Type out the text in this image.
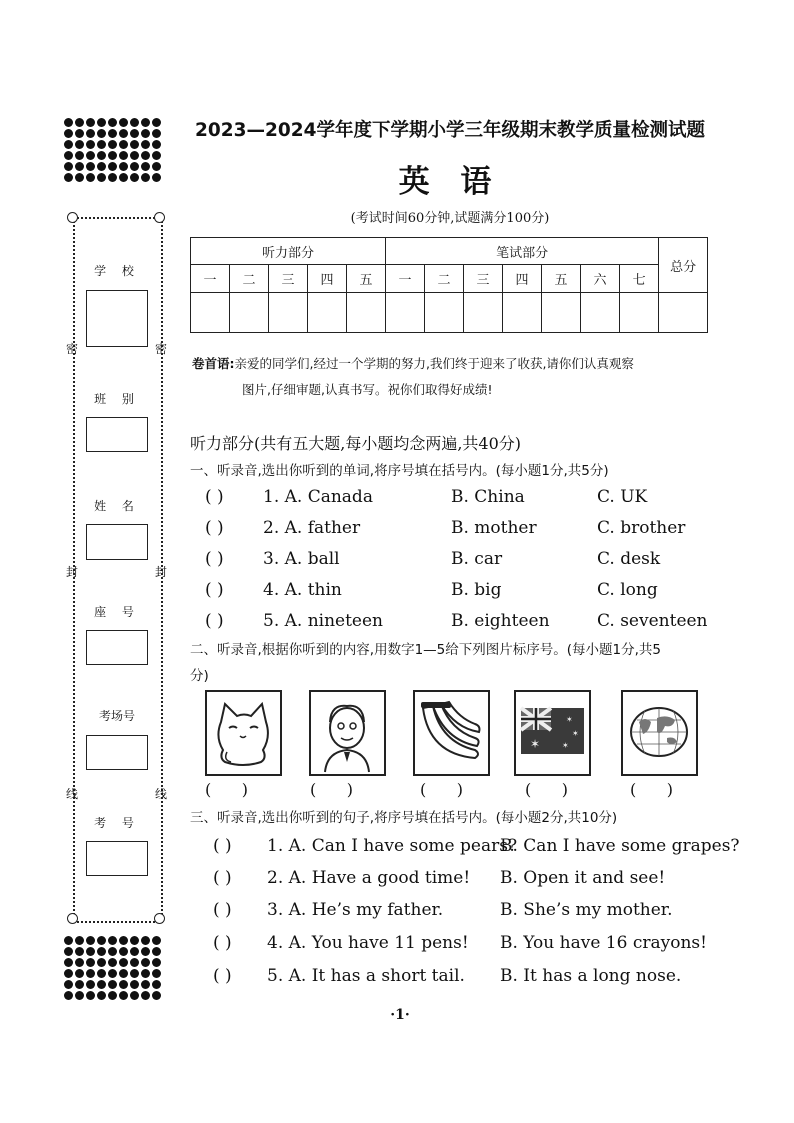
学 校
班 别
姓 名
座 号
考场号
考 号
密	密
封	封
线	线
2023—2024学年度下学期小学三年级期末教学质量检测试题
英 语
(考试时间60分钟,试题满分100分)
听力部分					笔试部分							总分
一	二	三	四	五	一	二	三	四	五	六	七	

卷首语:亲爱的同学们,经过一个学期的努力,我们终于迎来了收获,请你们认真观察
图片,仔细审题,认真书写。祝你们取得好成绩!
听力部分(共有五大题,每小题均念两遍,共40分)
一、听录音,选出你听到的单词,将序号填在括号内。(每小题1分,共5分)
( ) 1. A. Canada	B. China	C. UK
( ) 2. A. father	B. mother	C. brother
( ) 3. A. ball	B. car	C. desk
( ) 4. A. thin	B. big	C. long
( ) 5. A. nineteen	B. eighteen	C. seventeen
二、听录音,根据你听到的内容,用数字1—5给下列图片标序号。(每小题1分,共5
分)
✶
✶
✶
✶
(      )	(      )	(      )	(      )	(      )
三、听录音,选出你听到的句子,将序号填在括号内。(每小题2分,共10分)
( ) 1. A. Can I have some pears?
B. Can I have some grapes?
( ) 2. A. Have a good time! B. Open it and see!
( ) 3. A. He’s my father.	B. She’s my mother.
( ) 4. A. You have 11 pens! B. You have 16 crayons!
( ) 5. A. It has a short tail. B. It has a long nose.
·1·
